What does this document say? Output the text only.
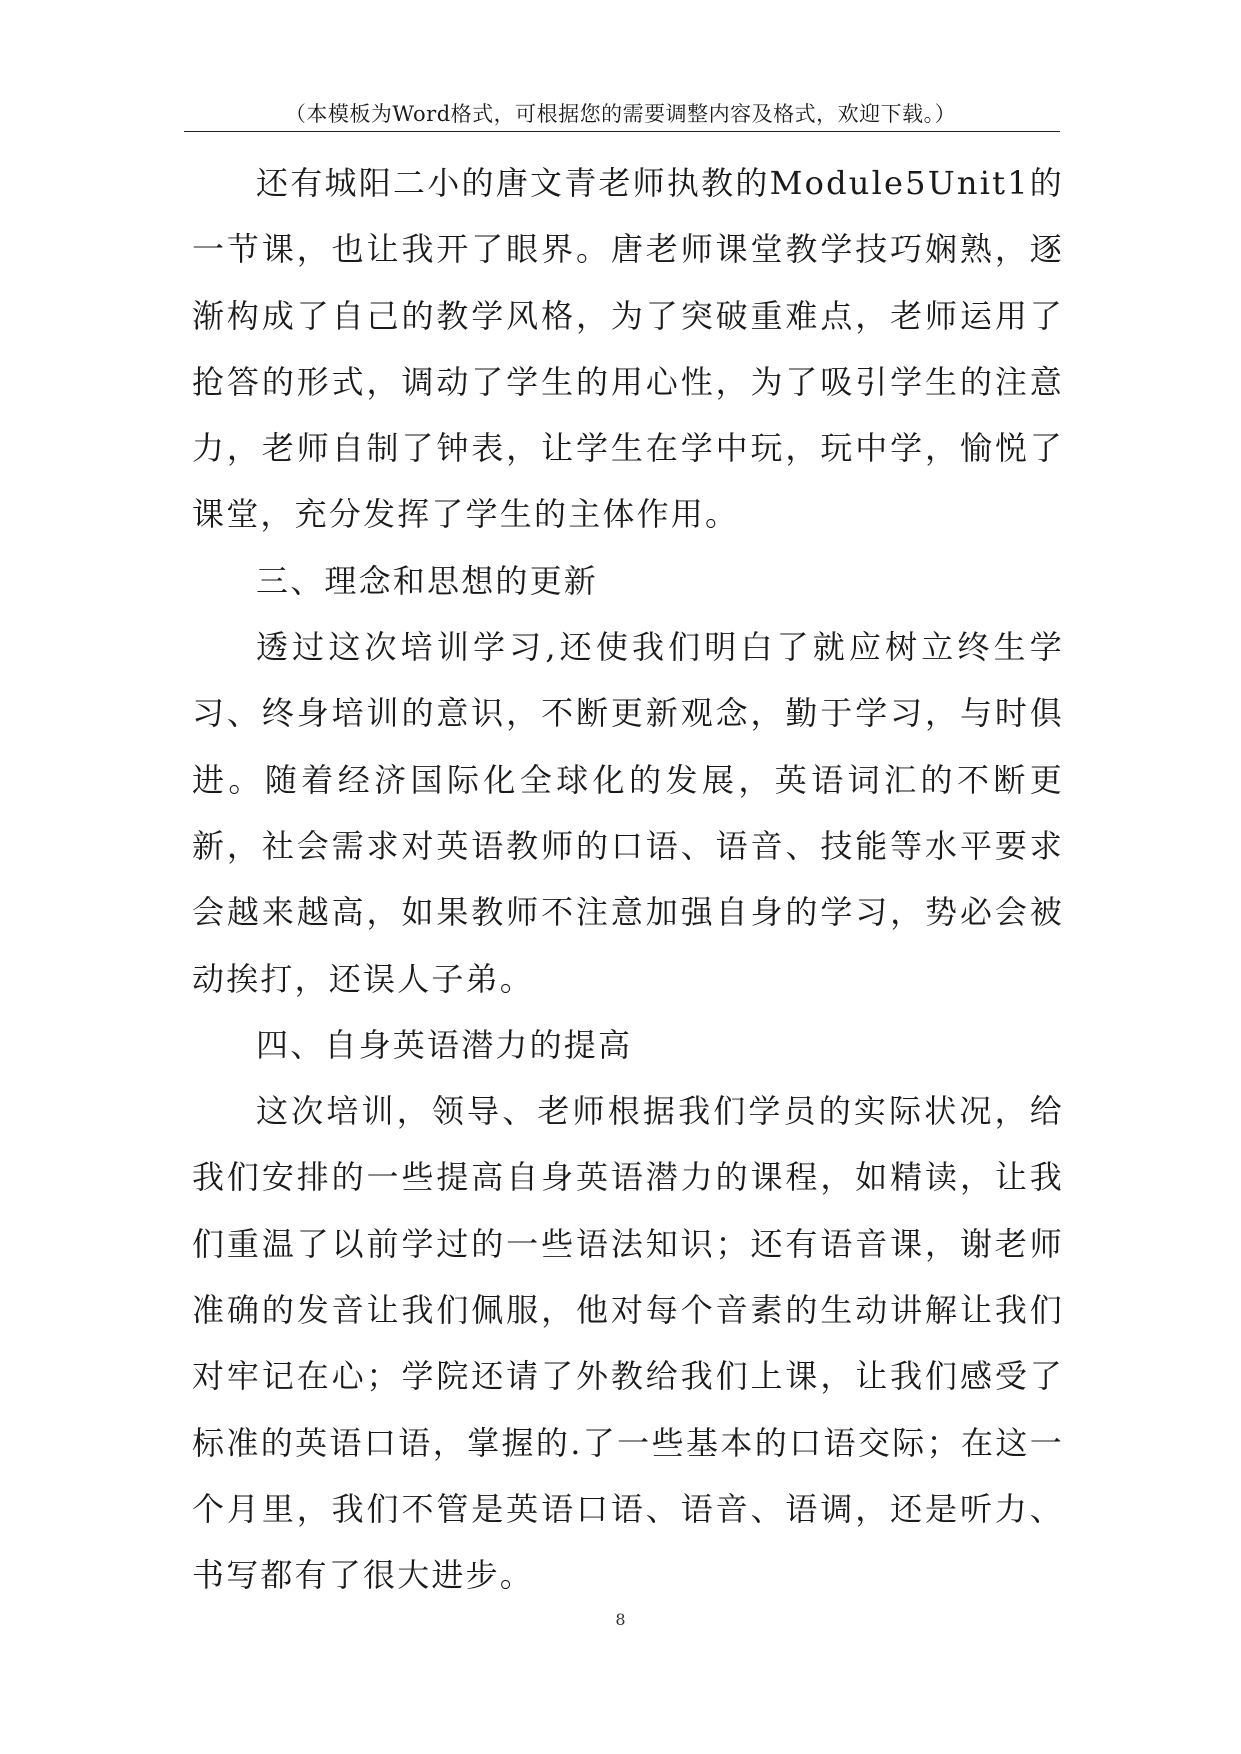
（本模板为Word格式，可根据您的需要调整内容及格式，欢迎下载。）

还有城阳二小的唐文青老师执教的Module5Unit1的一节课，也让我开了眼界。唐老师课堂教学技巧娴熟，逐渐构成了自己的教学风格，为了突破重难点，老师运用了抢答的形式，调动了学生的用心性，为了吸引学生的注意力，老师自制了钟表，让学生在学中玩，玩中学，愉悦了课堂，充分发挥了学生的主体作用。

三、理念和思想的更新

透过这次培训学习,还使我们明白了就应树立终生学习、终身培训的意识，不断更新观念，勤于学习，与时俱进。随着经济国际化全球化的发展，英语词汇的不断更新，社会需求对英语教师的口语、语音、技能等水平要求会越来越高，如果教师不注意加强自身的学习，势必会被动挨打，还误人子弟。

四、自身英语潜力的提高

这次培训，领导、老师根据我们学员的实际状况，给我们安排的一些提高自身英语潜力的课程，如精读，让我们重温了以前学过的一些语法知识；还有语音课，谢老师准确的发音让我们佩服，他对每个音素的生动讲解让我们对牢记在心；学院还请了外教给我们上课，让我们感受了标准的英语口语，掌握的.了一些基本的口语交际；在这一个月里，我们不管是英语口语、语音、语调，还是听力、书写都有了很大进步。

8
